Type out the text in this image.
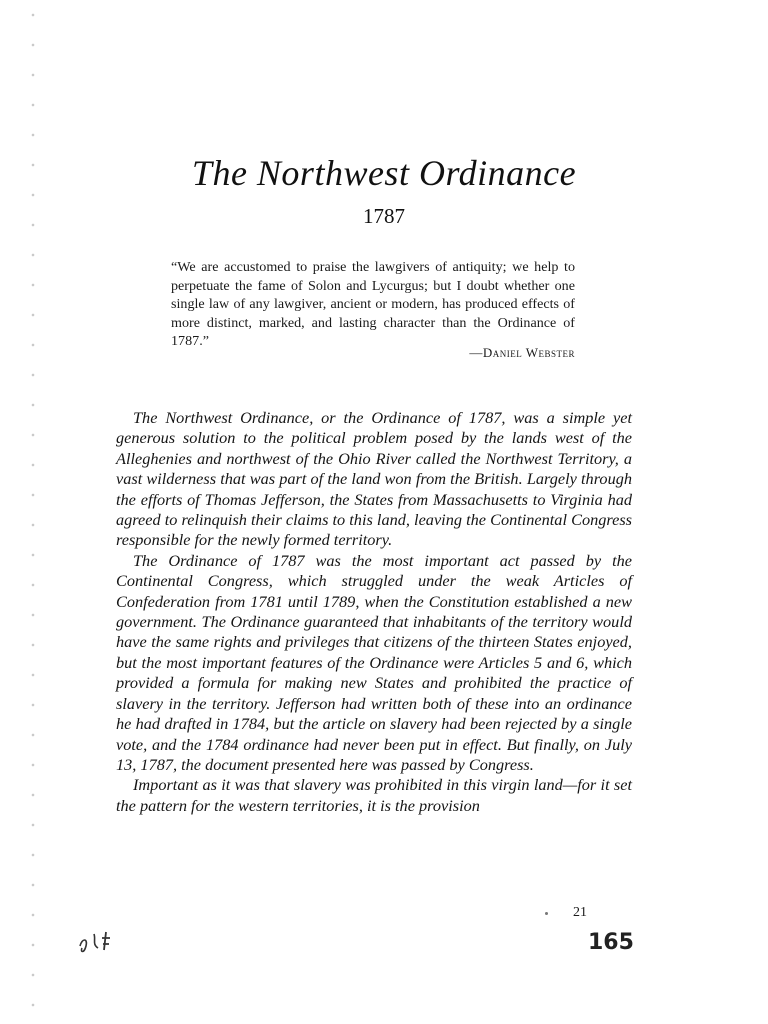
The Northwest Ordinance
1787

“We are accustomed to praise the lawgivers of antiquity; we help to perpetuate the fame of Solon and Lycurgus; but I doubt whether one single law of any lawgiver, ancient or modern, has produced effects of more distinct, marked, and lasting character than the Ordinance of 1787.”

—Daniel Webster

The Northwest Ordinance, or the Ordinance of 1787, was a simple yet generous solution to the political problem posed by the lands west of the Alleghenies and northwest of the Ohio River called the Northwest Territory, a vast wilderness that was part of the land won from the British. Largely through the efforts of Thomas Jefferson, the States from Massachusetts to Virginia had agreed to relinquish their claims to this land, leaving the Continental Congress responsible for the newly formed territory.

The Ordinance of 1787 was the most important act passed by the Continental Congress, which struggled under the weak Articles of Confederation from 1781 until 1789, when the Constitution established a new government. The Ordinance guaranteed that inhabitants of the territory would have the same rights and privileges that citizens of the thirteen States enjoyed, but the most important features of the Ordinance were Articles 5 and 6, which provided a formula for making new States and prohibited the practice of slavery in the territory. Jefferson had written both of these into an ordinance he had drafted in 1784, but the article on slavery had been rejected by a single vote, and the 1784 ordinance had never been put in effect. But finally, on July 13, 1787, the document presented here was passed by Congress.

Important as it was that slavery was prohibited in this virgin land—for it set the pattern for the western territories, it is the provision

21
165
